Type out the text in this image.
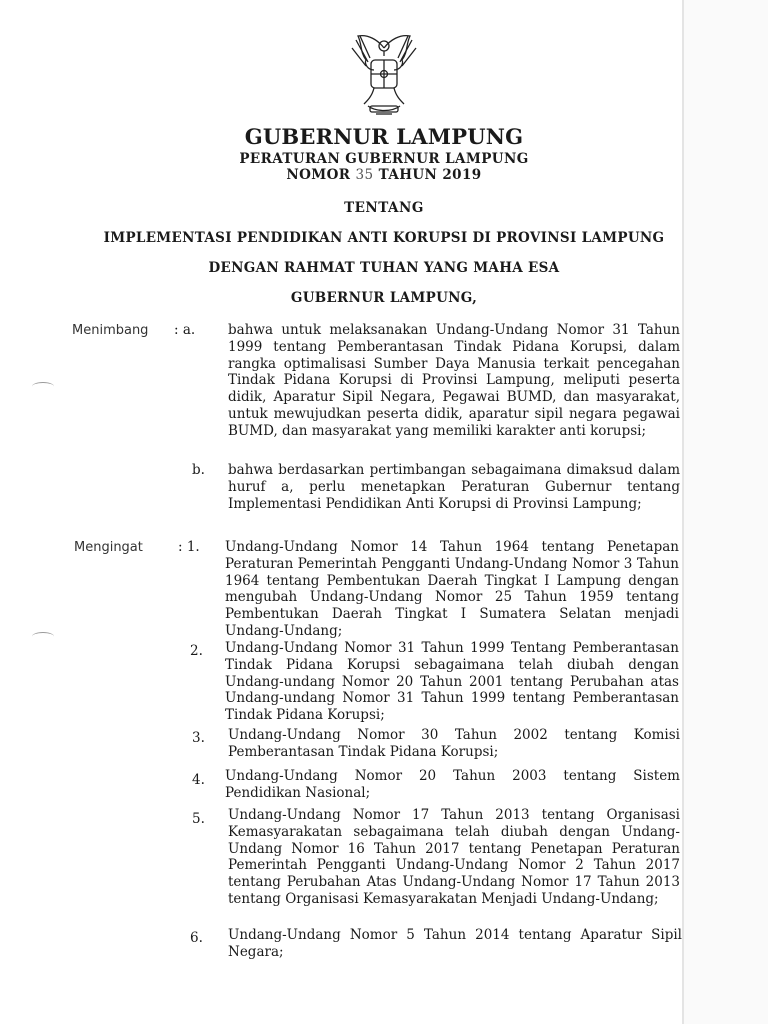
GUBERNUR LAMPUNG
PERATURAN GUBERNUR LAMPUNG
NOMOR 35 TAHUN 2019
TENTANG
IMPLEMENTASI PENDIDIKAN ANTI KORUPSI DI PROVINSI LAMPUNG
DENGAN RAHMAT TUHAN YANG MAHA ESA
GUBERNUR LAMPUNG,
Menimbang : a. bahwa untuk melaksanakan Undang-Undang Nomor 31 Tahun 1999 tentang Pemberantasan Tindak Pidana Korupsi, dalam rangka optimalisasi Sumber Daya Manusia terkait pencegahan Tindak Pidana Korupsi di Provinsi Lampung, meliputi peserta didik, Aparatur Sipil Negara, Pegawai BUMD, dan masyarakat, untuk mewujudkan peserta didik, aparatur sipil negara pegawai BUMD, dan masyarakat yang memiliki karakter anti korupsi;
b. bahwa berdasarkan pertimbangan sebagaimana dimaksud dalam huruf a, perlu menetapkan Peraturan Gubernur tentang Implementasi Pendidikan Anti Korupsi di Provinsi Lampung;
Mengingat	: 1. Undang-Undang Nomor 14 Tahun 1964 tentang Penetapan Peraturan Pemerintah Pengganti Undang-Undang Nomor 3 Tahun 1964 tentang Pembentukan Daerah Tingkat I Lampung dengan mengubah Undang-Undang Nomor 25 Tahun 1959 tentang Pembentukan Daerah Tingkat I Sumatera Selatan menjadi Undang-Undang;
2. Undang-Undang Nomor 31 Tahun 1999 Tentang Pemberantasan Tindak Pidana Korupsi sebagaimana telah diubah dengan Undang-undang Nomor 20 Tahun 2001 tentang Perubahan atas Undang-undang Nomor 31 Tahun 1999 tentang Pemberantasan Tindak Pidana Korupsi;
3. Undang-Undang Nomor 30 Tahun 2002 tentang Komisi Pemberantasan Tindak Pidana Korupsi;
4. Undang-Undang Nomor 20 Tahun 2003 tentang Sistem Pendidikan Nasional;
5. Undang-Undang Nomor 17 Tahun 2013 tentang Organisasi Kemasyarakatan sebagaimana telah diubah dengan Undang-Undang Nomor 16 Tahun 2017 tentang Penetapan Peraturan Pemerintah Pengganti Undang-Undang Nomor 2 Tahun 2017 tentang Perubahan Atas Undang-Undang Nomor 17 Tahun 2013 tentang Organisasi Kemasyarakatan Menjadi Undang-Undang;
6. Undang-Undang Nomor 5 Tahun 2014 tentang Aparatur Sipil Negara;
